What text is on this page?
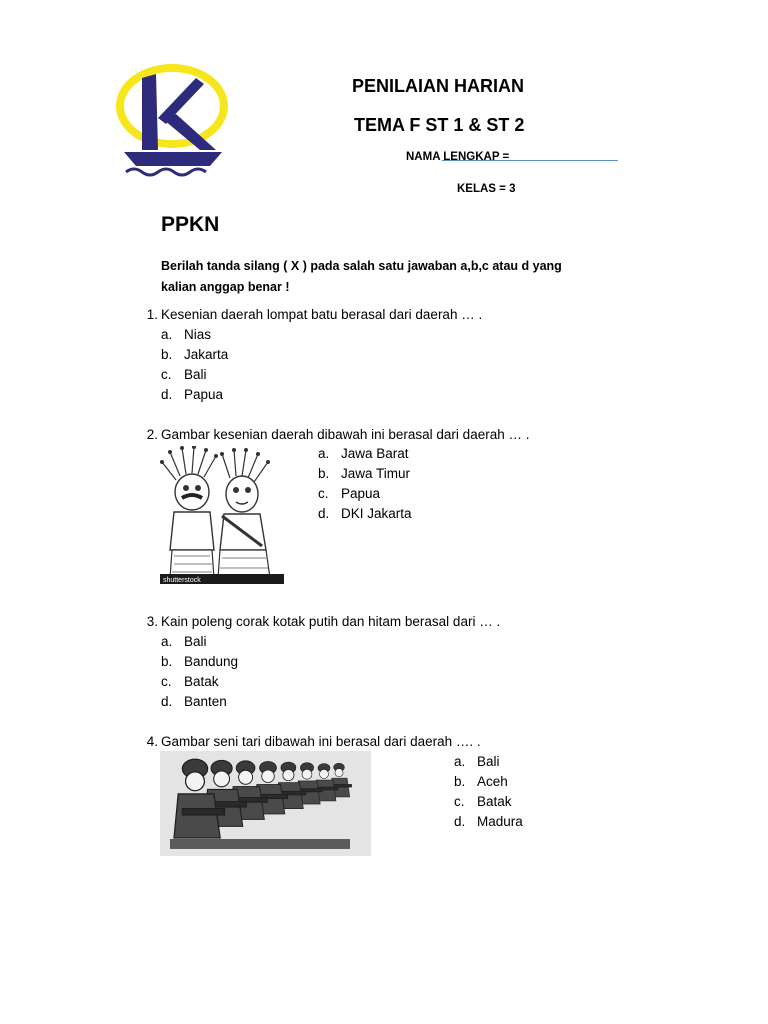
PENILAIAN HARIAN
TEMA F ST 1 & ST 2
NAMA LENGKAP =
KELAS = 3
PPKN
Berilah tanda silang ( X ) pada salah satu jawaban a,b,c atau d yang
kalian anggap benar !
1. Kesenian daerah lompat batu berasal dari daerah … .
a. Nias
b. Jakarta
c. Bali
d. Papua
2. Gambar kesenian daerah dibawah ini berasal dari daerah … .
shutterstock
a. Jawa Barat
b. Jawa Timur
c. Papua
d. DKI Jakarta
3. Kain poleng corak kotak putih dan hitam berasal dari … .
a. Bali
b. Bandung
c. Batak
d. Banten
4. Gambar seni tari dibawah ini berasal dari daerah …. .
a. Bali
b. Aceh
c. Batak
d. Madura
